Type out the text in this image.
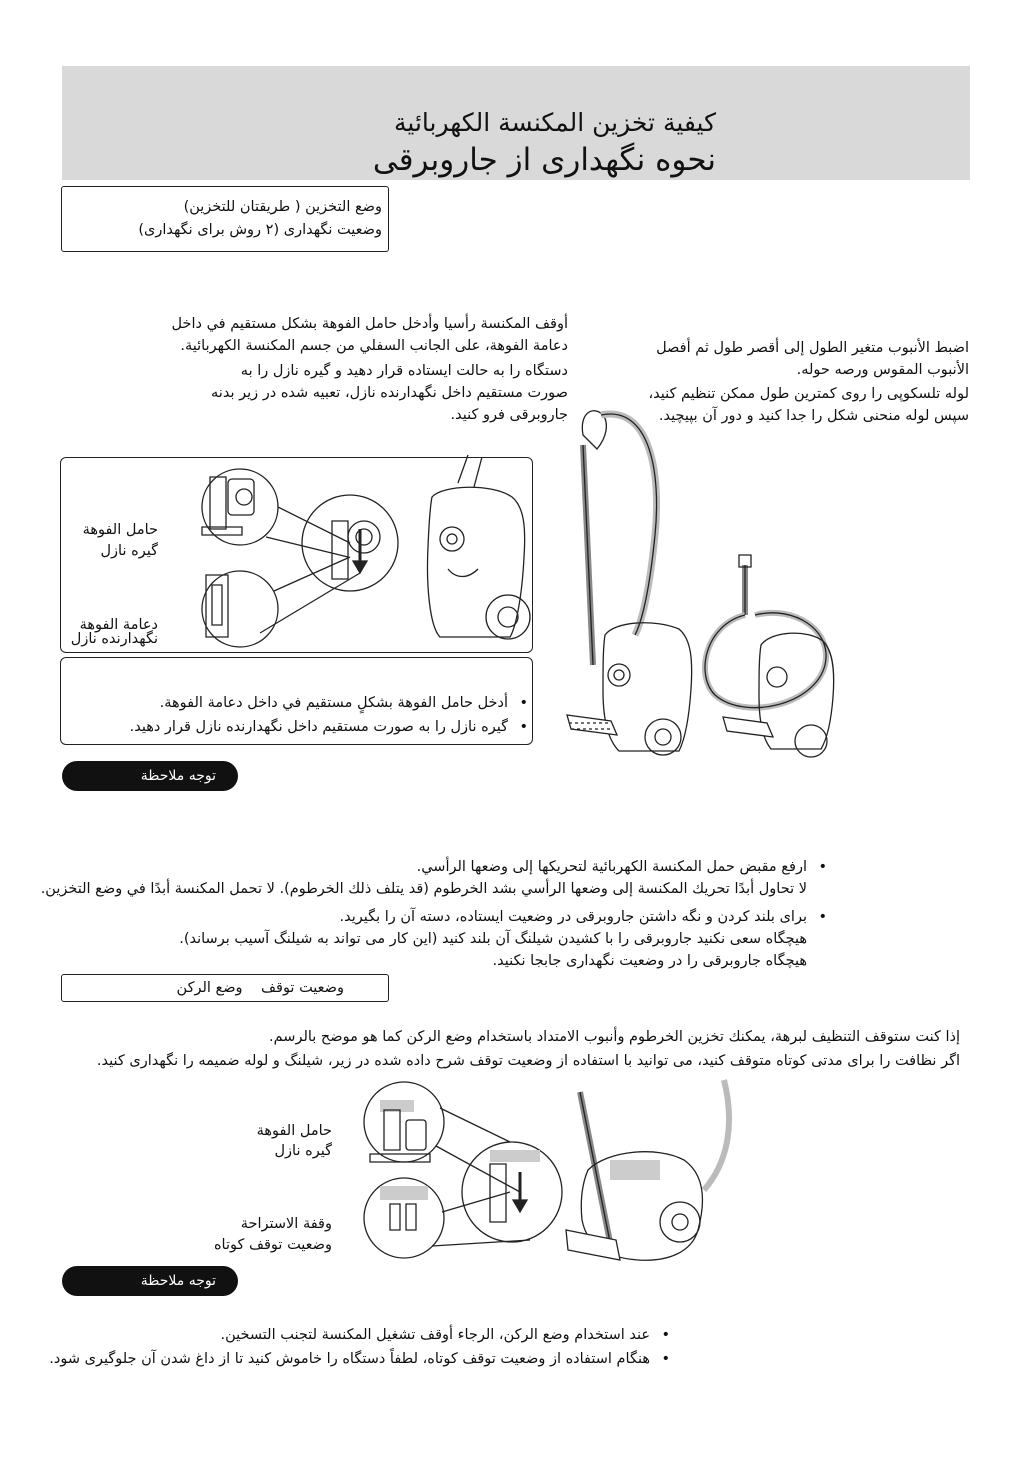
كيفية تخزين المكنسة الكهربائية
نحوه نگهداری از جاروبرقی
وضع التخزين ( طريقتان للتخزين)
وضعیت نگهداری (۲ روش برای نگهداری)
اضبط الأنبوب متغير الطول إلى أقصر طول ثم أفصل
الأنبوب المقوس ورصه حوله.
لوله تلسکوپی را روی کمترین طول ممکن تنظیم کنید،
سپس لوله منحنی شکل را جدا کنید و دور آن بپیچید.
أوقف المكنسة رأسيا وأدخل حامل الفوهة بشكل مستقيم في داخل
دعامة الفوهة، على الجانب السفلي من جسم المكنسة الكهربائية.
دستگاه را به حالت ایستاده قرار دهید و گیره نازل را به
صورت مستقیم داخل نگهدارنده نازل، تعبیه شده در زیر بدنه
جاروبرقی فرو کنید.
حامل الفوهة
گیره نازل
دعامة الفوهة
نگهدارنده نازل
• أدخل حامل الفوهة بشكلٍ مستقيم في داخل دعامة الفوهة.
• گیره نازل را به صورت مستقیم داخل نگهدارنده نازل قرار دهید.
توجه ملاحظة
• ارفع مقبض حمل المكنسة الكهربائية لتحريكها إلى وضعها الرأسي.
لا تحاول أبدًا تحريك المكنسة إلى وضعها الرأسي بشد الخرطوم (قد يتلف ذلك الخرطوم). لا تحمل المكنسة أبدًا في وضع التخزين.
• برای بلند کردن و نگه داشتن جاروبرقی در وضعیت ایستاده، دسته آن را بگیرید.
هیچگاه سعی نکنید جاروبرقی را با کشیدن شیلنگ آن بلند کنید (این کار می تواند به شیلنگ آسیب برساند).
هیچگاه جاروبرقی را در وضعیت نگهداری جابجا نکنید.
وضعیت توقف    وضع الركن
إذا كنت ستوقف التنظيف لبرهة، يمكنك تخزين الخرطوم وأنبوب الامتداد باستخدام وضع الركن كما هو موضح بالرسم.
اگر نظافت را برای مدتی کوتاه متوقف کنید، می توانید با استفاده از وضعیت توقف شرح داده شده در زیر، شیلنگ و لوله ضمیمه را نگهداری کنید.
حامل الفوهة
گیره نازل
وقفة الاستراحة
وضعیت توقف کوتاه
توجه ملاحظة
• عند استخدام وضع الركن، الرجاء أوقف تشغيل المكنسة لتجنب التسخين.
• هنگام استفاده از وضعیت توقف کوتاه، لطفاً دستگاه را خاموش کنید تا از داغ شدن آن جلوگیری شود.
